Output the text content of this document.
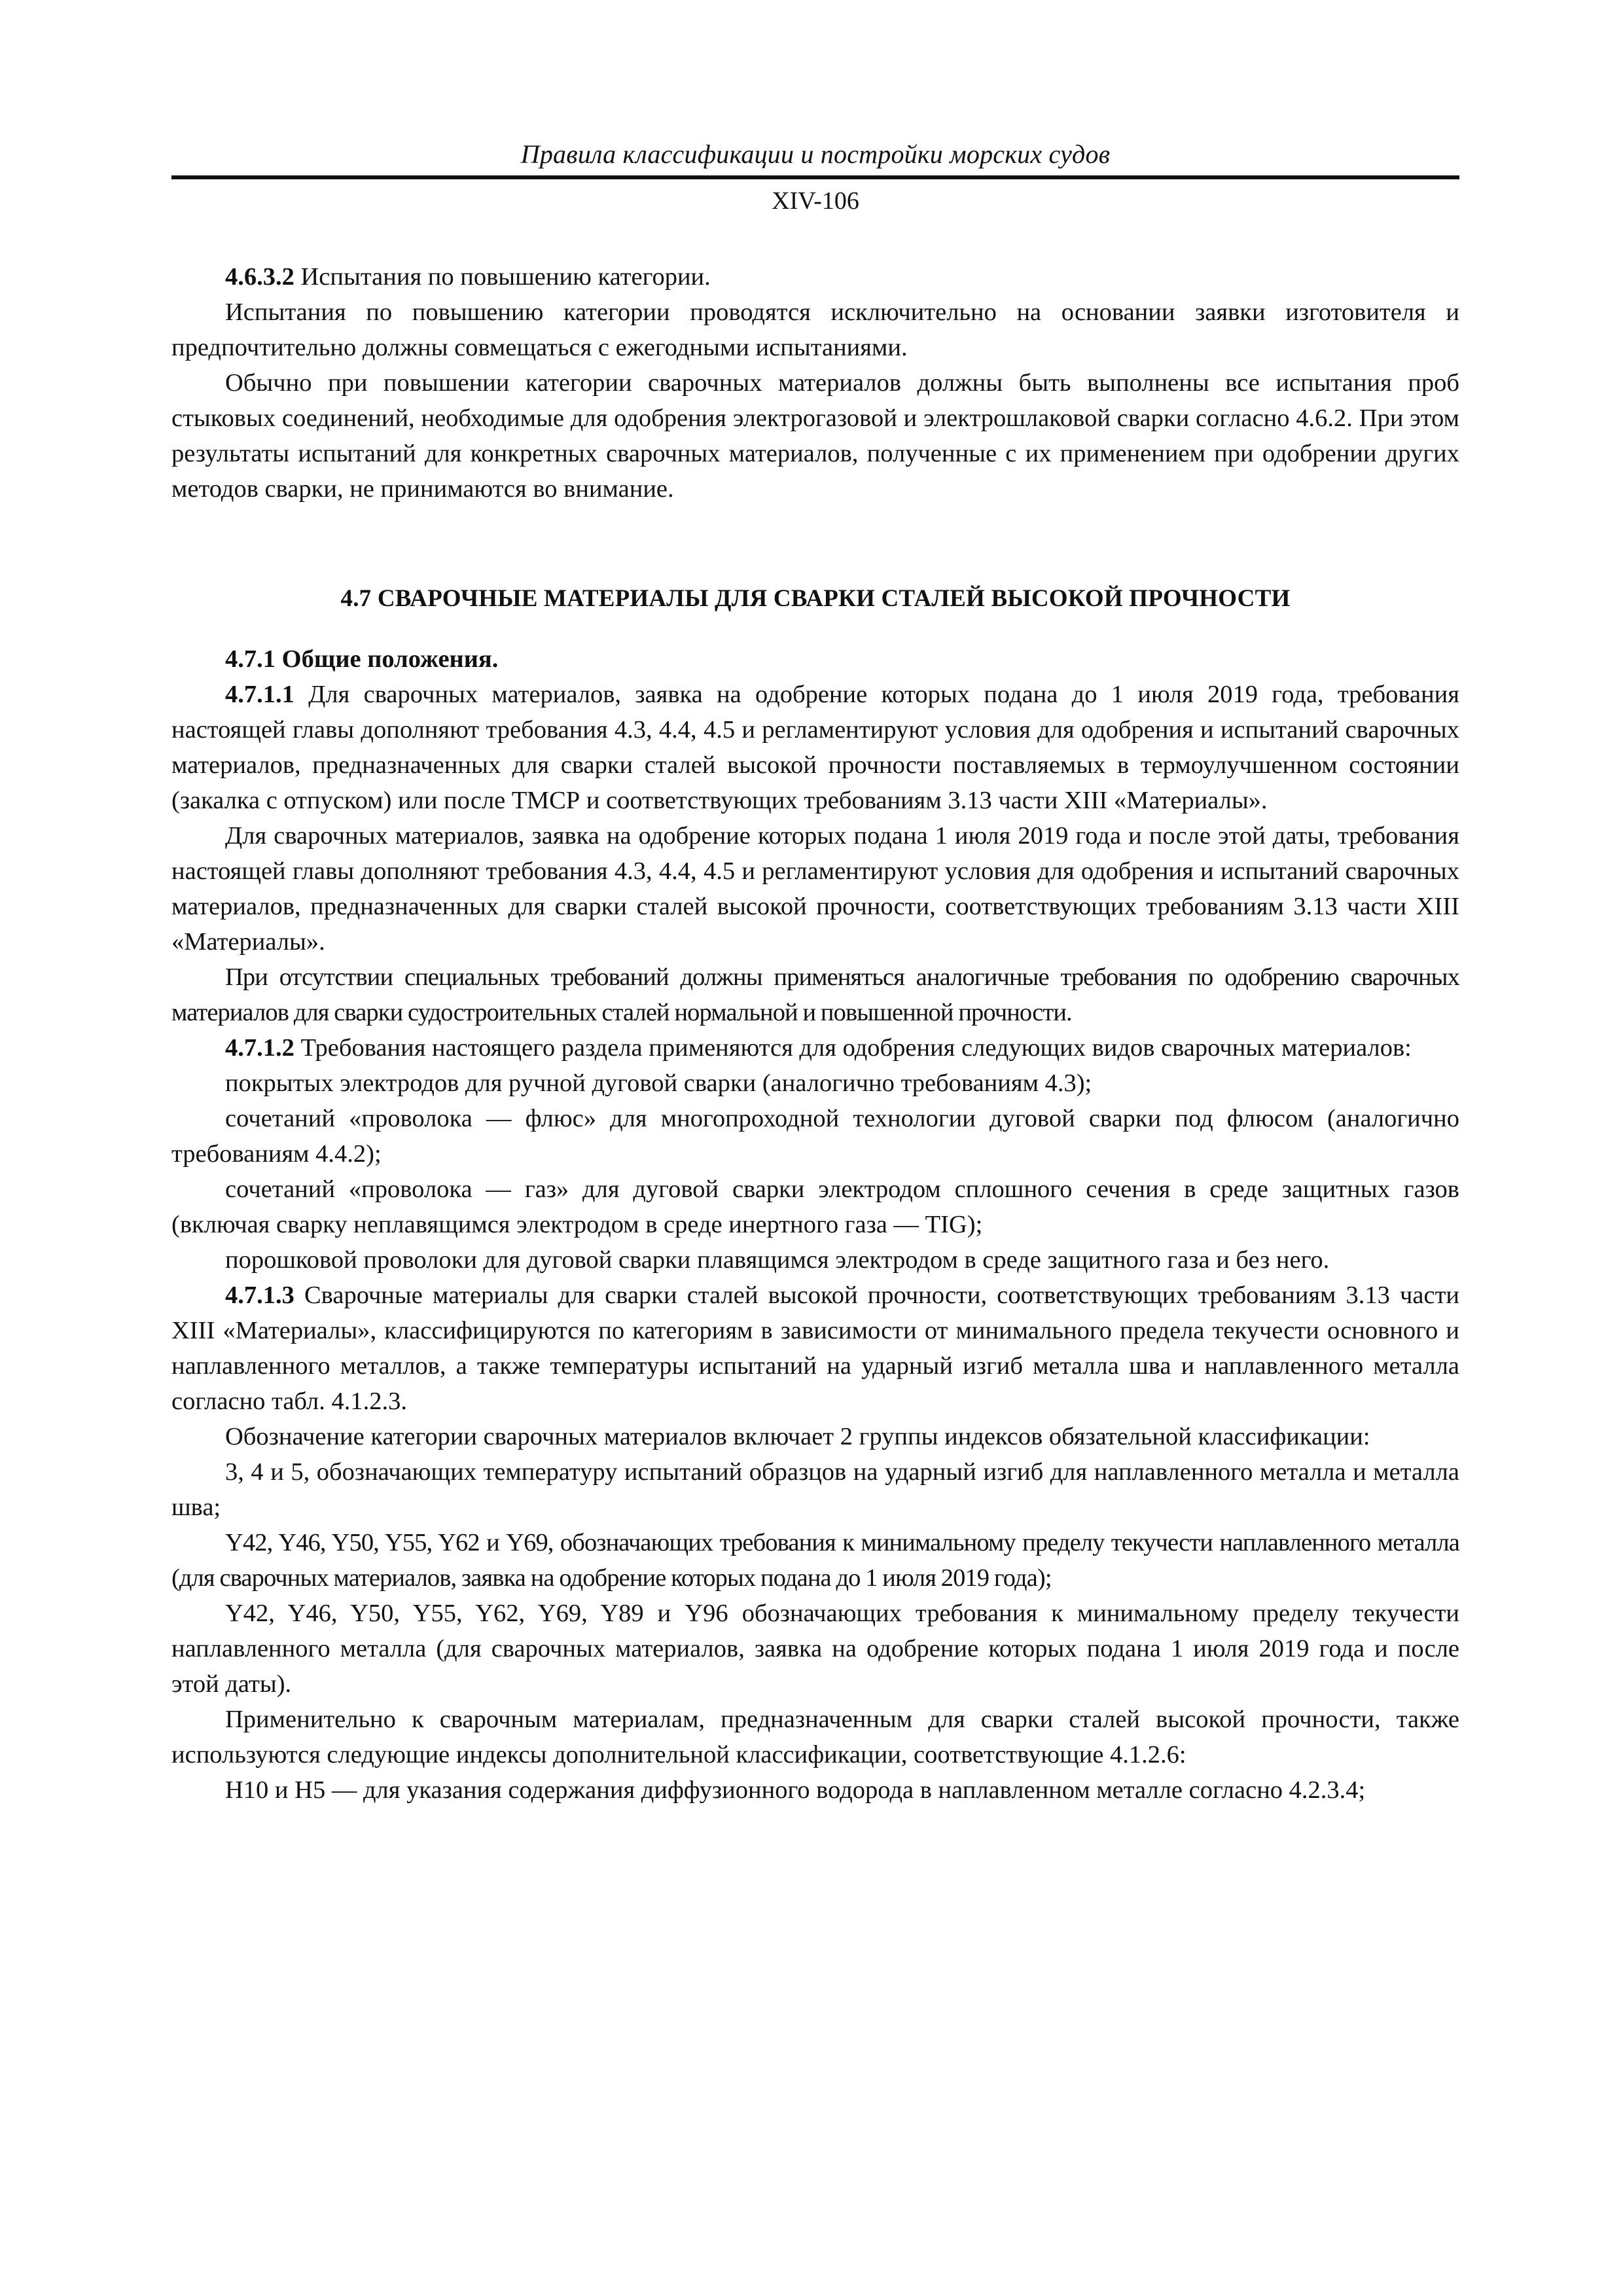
Правила классификации и постройки морских судов

XIV-106

4.6.3.2 Испытания по повышению категории.

Испытания по повышению категории проводятся исключительно на основании заявки изготовителя и предпочтительно должны совмещаться с ежегодными испытаниями.

Обычно при повышении категории сварочных материалов должны быть выполнены все испытания проб стыковых соединений, необходимые для одобрения электрогазовой и электрошлаковой сварки согласно 4.6.2. При этом результаты испытаний для конкретных сварочных материалов, полученные с их применением при одобрении других методов сварки, не принимаются во внимание.

4.7 СВАРОЧНЫЕ МАТЕРИАЛЫ ДЛЯ СВАРКИ СТАЛЕЙ ВЫСОКОЙ ПРОЧНОСТИ

4.7.1 Общие положения.

4.7.1.1 Для сварочных материалов, заявка на одобрение которых подана до 1 июля 2019 года, требования настоящей главы дополняют требования 4.3, 4.4, 4.5 и регламентируют условия для одобрения и испытаний сварочных материалов, предназначенных для сварки сталей высокой прочности поставляемых в термоулучшенном состоянии (закалка с отпуском) или после ТМСР и соответствующих требованиям 3.13 части XIII «Материалы».

Для сварочных материалов, заявка на одобрение которых подана 1 июля 2019 года и после этой даты, требования настоящей главы дополняют требования 4.3, 4.4, 4.5 и регламентируют условия для одобрения и испытаний сварочных материалов, предназначенных для сварки сталей высокой прочности, соответствующих требованиям 3.13 части XIII «Материалы».

При отсутствии специальных требований должны применяться аналогичные требования по одобрению сварочных материалов для сварки судостроительных сталей нормальной и повышенной прочности.

4.7.1.2 Требования настоящего раздела применяются для одобрения следующих видов сварочных материалов:

покрытых электродов для ручной дуговой сварки (аналогично требованиям 4.3);

сочетаний «проволока — флюс» для многопроходной технологии дуговой сварки под флюсом (аналогично требованиям 4.4.2);

сочетаний «проволока — газ» для дуговой сварки электродом сплошного сечения в среде защитных газов (включая сварку неплавящимся электродом в среде инертного газа — TIG);

порошковой проволоки для дуговой сварки плавящимся электродом в среде защитного газа и без него.

4.7.1.3 Сварочные материалы для сварки сталей высокой прочности, соответствующих требованиям 3.13 части XIII «Материалы», классифицируются по категориям в зависимости от минимального предела текучести основного и наплавленного металлов, а также температуры испытаний на ударный изгиб металла шва и наплавленного металла согласно табл. 4.1.2.3.

Обозначение категории сварочных материалов включает 2 группы индексов обязательной классификации:

3, 4 и 5, обозначающих температуру испытаний образцов на ударный изгиб для наплавленного металла и металла шва;

Y42, Y46, Y50, Y55, Y62 и Y69, обозначающих требования к минимальному пределу текучести наплавленного металла (для сварочных материалов, заявка на одобрение которых подана до 1 июля 2019 года);

Y42, Y46, Y50, Y55, Y62, Y69, Y89 и Y96 обозначающих требования к минимальному пределу текучести наплавленного металла (для сварочных материалов, заявка на одобрение которых подана 1 июля 2019 года и после этой даты).

Применительно к сварочным материалам, предназначенным для сварки сталей высокой прочности, также используются следующие индексы дополнительной классификации, соответствующие 4.1.2.6:

H10 и H5 — для указания содержания диффузионного водорода в наплавленном металле согласно 4.2.3.4;
